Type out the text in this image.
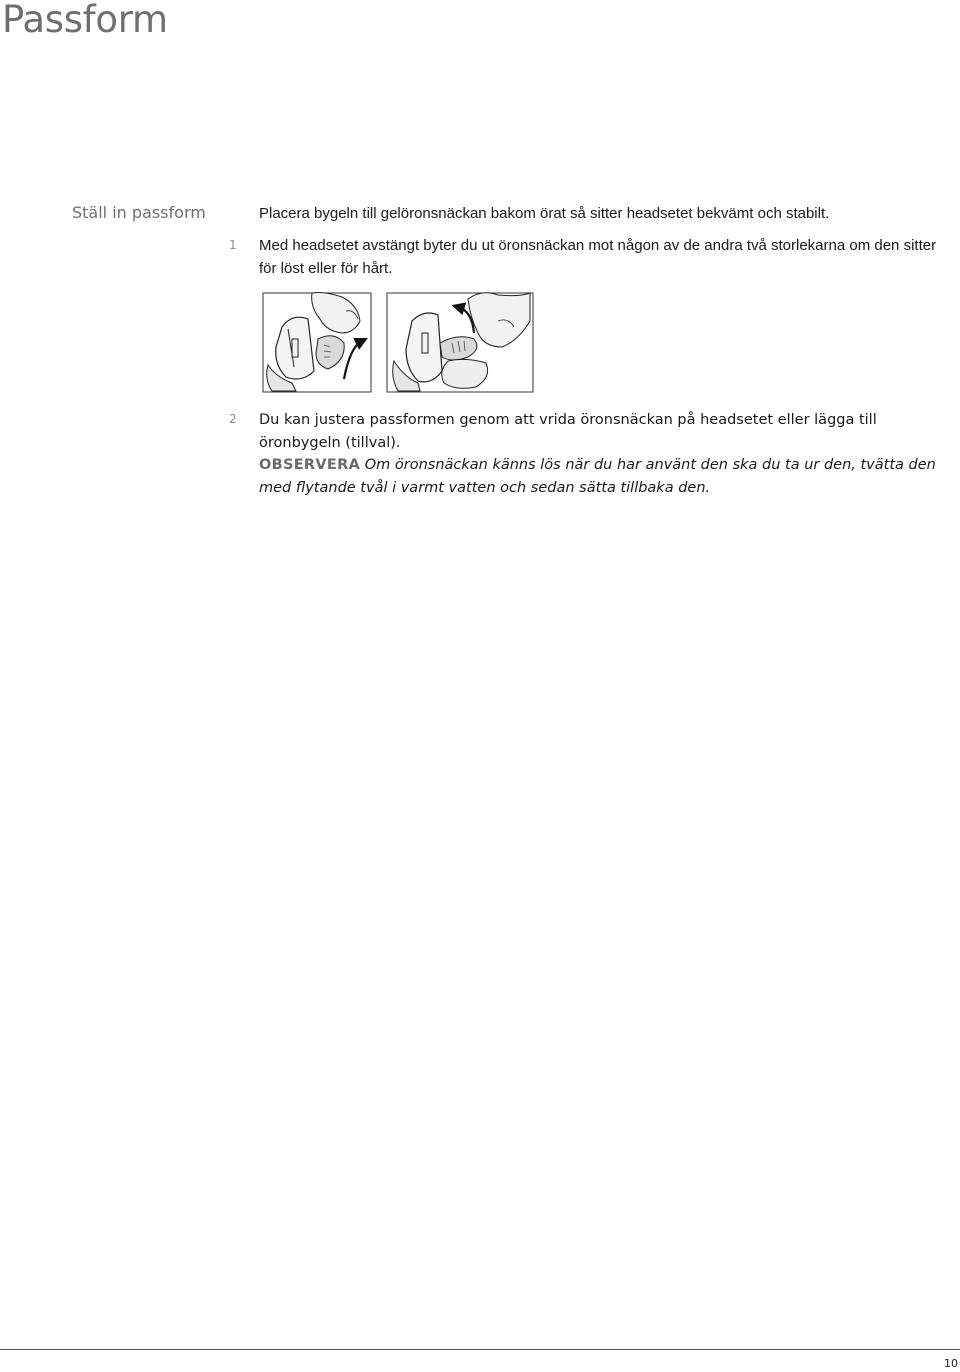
Passform
Ställ in passform	Placera bygeln till gelöronsnäckan bakom örat så sitter headsetet bekvämt och stabilt.

1 Med headsetet avstängt byter du ut öronsnäckan mot någon av de andra två storlekarna om den sitter för löst eller för hårt.

2 Du kan justera passformen genom att vrida öronsnäckan på headsetet eller lägga till öronbygeln (tillval).

OBSERVERA Om öronsnäckan känns lös när du har använt den ska du ta ur den, tvätta den med flytande tvål i varmt vatten och sedan sätta tillbaka den.

10
